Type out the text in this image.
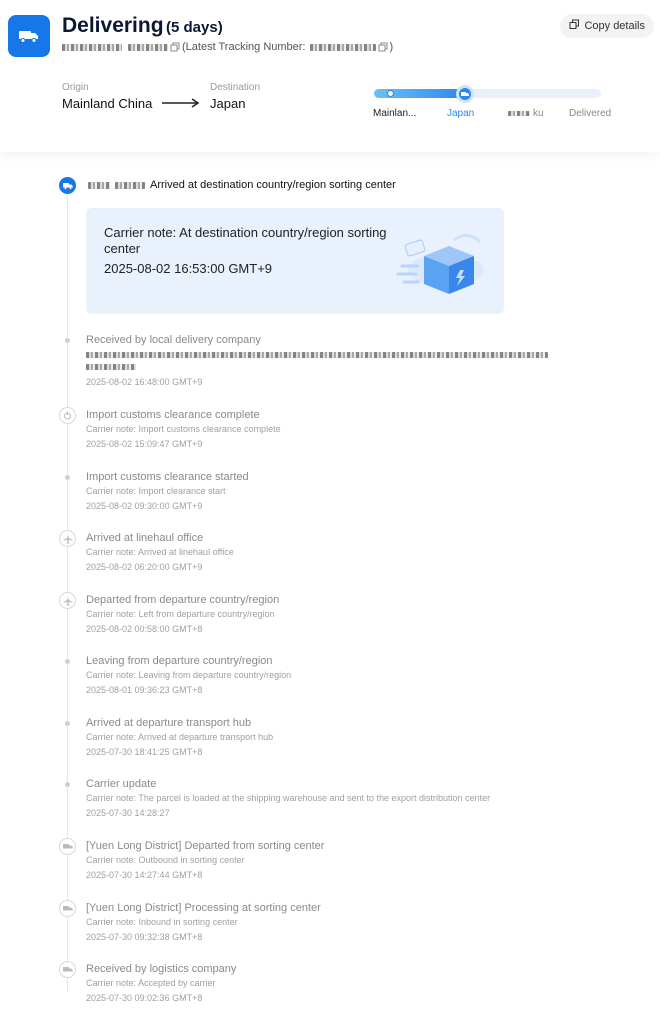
Delivering (5 days)
(Latest Tracking Number:	)
Copy details
Origin
Mainland China
Destination
Japan
Mainlan...	Japan	ku	Delivered
Arrived at destination country/region sorting center
Carrier note: At destination country/region sorting center
2025-08-02 16:53:00 GMT+9
Received by local delivery company
2025-08-02 16:48:00 GMT+9
Import customs clearance complete
Carrier note: Import customs clearance complete
2025-08-02 15:09:47 GMT+9
Import customs clearance started
Carrier note: Import clearance start
2025-08-02 09:30:00 GMT+9
Arrived at linehaul office
Carrier note: Arrived at linehaul office
2025-08-02 06:20:00 GMT+9
Departed from departure country/region
Carrier note: Left from departure country/region
2025-08-02 00:58:00 GMT+8
Leaving from departure country/region
Carrier note: Leaving from departure country/region
2025-08-01 09:36:23 GMT+8
Arrived at departure transport hub
Carrier note: Arrived at departure transport hub
2025-07-30 18:41:25 GMT+8
Carrier update
Carrier note: The parcel is loaded at the shipping warehouse and sent to the export distribution center
2025-07-30 14:28:27
[Yuen Long District] Departed from sorting center
Carrier note: Outbound in sorting center
2025-07-30 14:27:44 GMT+8
[Yuen Long District] Processing at sorting center
Carrier note: Inbound in sorting center
2025-07-30 09:32:38 GMT+8
Received by logistics company
Carrier note: Accepted by carrier
2025-07-30 09:02:36 GMT+8
